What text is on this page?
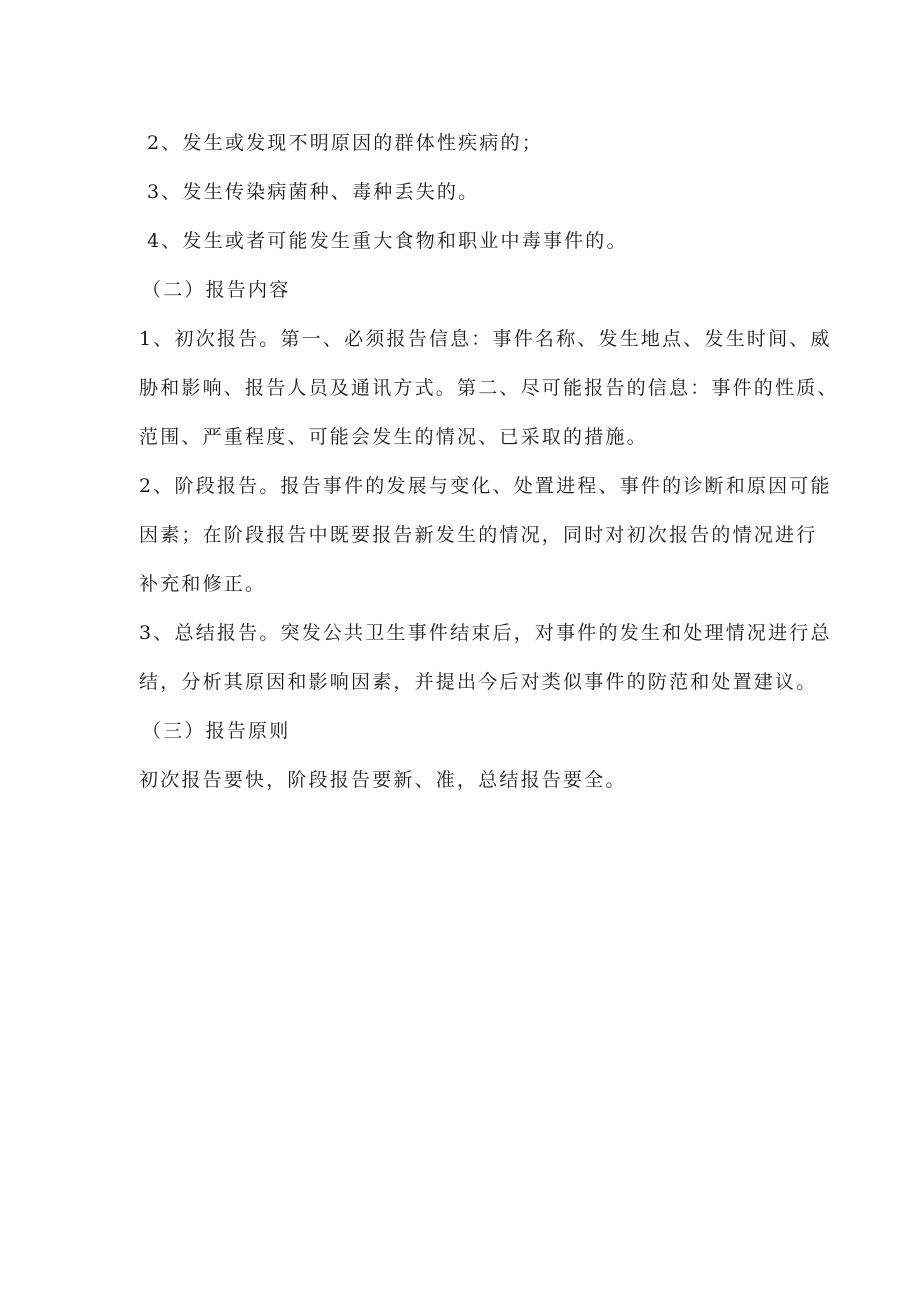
2、发生或发现不明原因的群体性疾病的；
3、发生传染病菌种、毒种丢失的。
4、发生或者可能发生重大食物和职业中毒事件的。
（二）报告内容
1、初次报告。第一、必须报告信息：事件名称、发生地点、发生时间、威
胁和影响、报告人员及通讯方式。第二、尽可能报告的信息：事件的性质、
范围、严重程度、可能会发生的情况、已采取的措施。
2、阶段报告。报告事件的发展与变化、处置进程、事件的诊断和原因可能
因素；在阶段报告中既要报告新发生的情况，同时对初次报告的情况进行
补充和修正。
3、总结报告。突发公共卫生事件结束后，对事件的发生和处理情况进行总
结，分析其原因和影响因素，并提出今后对类似事件的防范和处置建议。
（三）报告原则
初次报告要快，阶段报告要新、准，总结报告要全。
